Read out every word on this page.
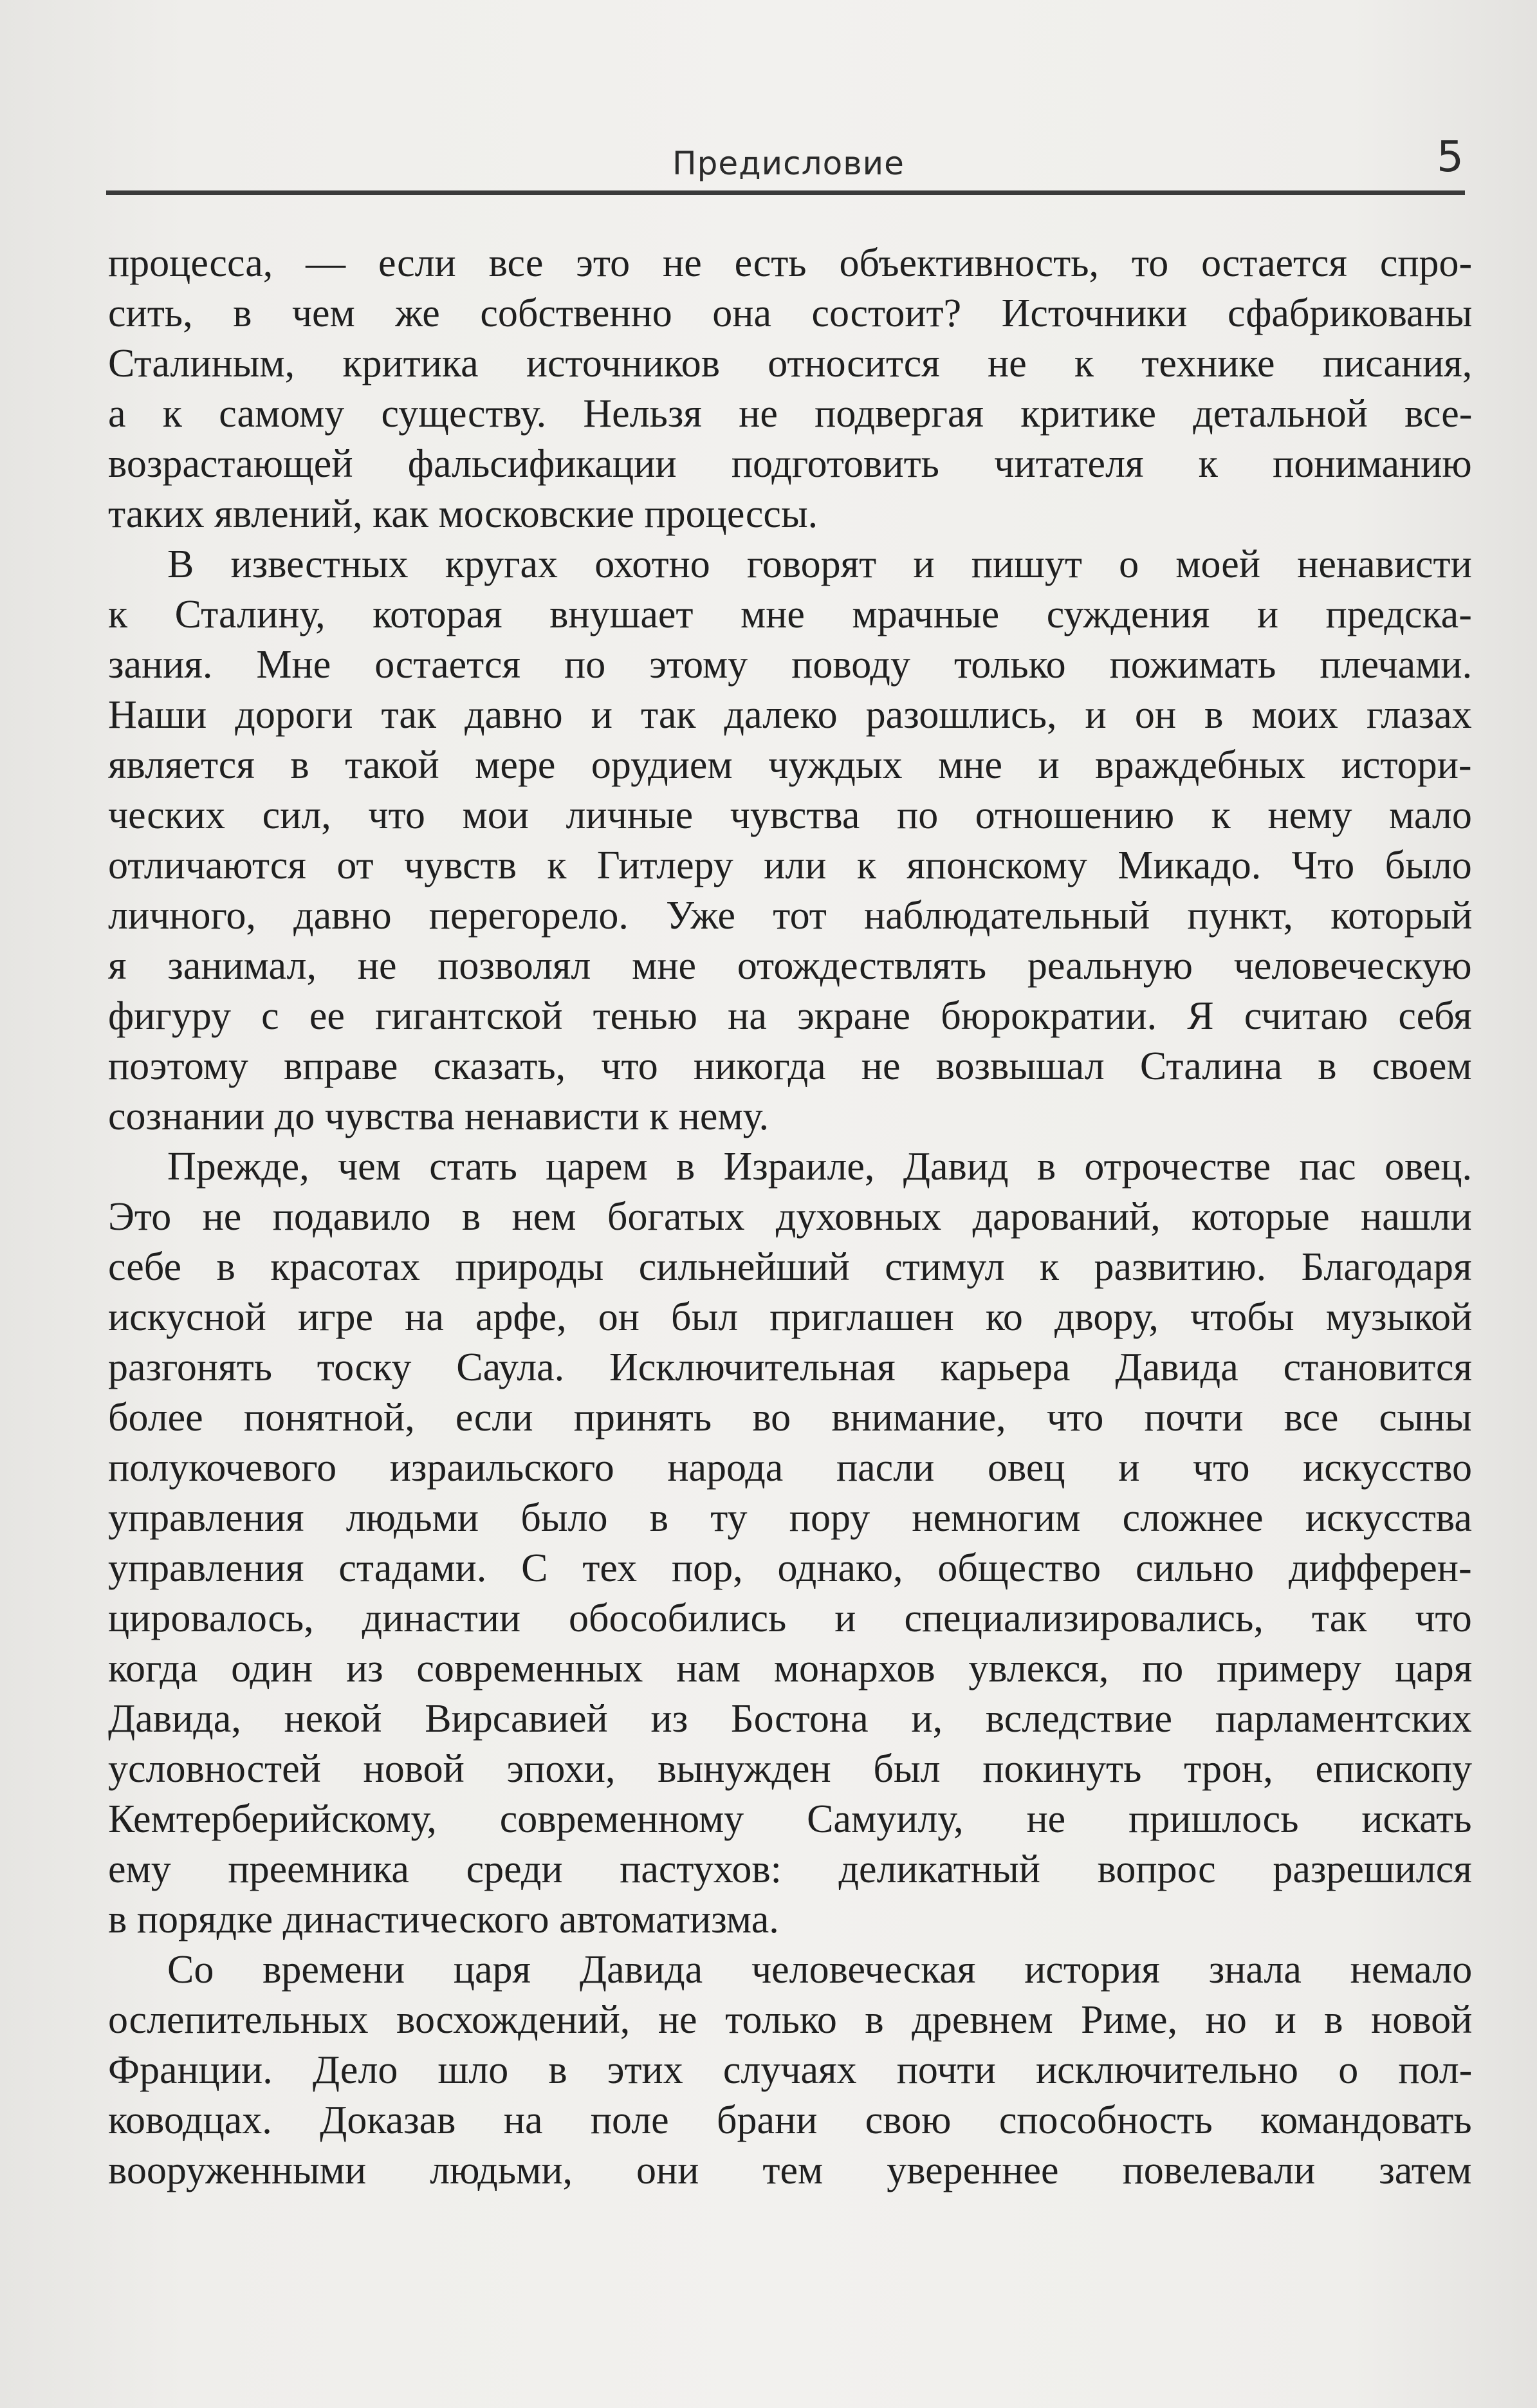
Предисловие	5
процесса, — если все это не есть объективность, то остается спро-
сить, в чем же собственно она состоит? Источники сфабрикованы
Сталиным, критика источников относится не к технике писания,
а к самому существу. Нельзя не подвергая критике детальной все-
возрастающей фальсификации подготовить читателя к пониманию
таких явлений, как московские процессы.
В известных кругах охотно говорят и пишут о моей ненависти
к Сталину, которая внушает мне мрачные суждения и предска-
зания. Мне остается по этому поводу только пожимать плечами.
Наши дороги так давно и так далеко разошлись, и он в моих глазах
является в такой мере орудием чуждых мне и враждебных истори-
ческих сил, что мои личные чувства по отношению к нему мало
отличаются от чувств к Гитлеру или к японскому Микадо. Что было
личного, давно перегорело. Уже тот наблюдательный пункт, который
я занимал, не позволял мне отождествлять реальную человеческую
фигуру с ее гигантской тенью на экране бюрократии. Я считаю себя
поэтому вправе сказать, что никогда не возвышал Сталина в своем
сознании до чувства ненависти к нему.
Прежде, чем стать царем в Израиле, Давид в отрочестве пас овец.
Это не подавило в нем богатых духовных дарований, которые нашли
себе в красотах природы сильнейший стимул к развитию. Благодаря
искусной игре на арфе, он был приглашен ко двору, чтобы музыкой
разгонять тоску Саула. Исключительная карьера Давида становится
более понятной, если принять во внимание, что почти все сыны
полукочевого израильского народа пасли овец и что искусство
управления людьми было в ту пору немногим сложнее искусства
управления стадами. С тех пор, однако, общество сильно дифферен-
цировалось, династии обособились и специализировались, так что
когда один из современных нам монархов увлекся, по примеру царя
Давида, некой Вирсавией из Бостона и, вследствие парламентских
условностей новой эпохи, вынужден был покинуть трон, епископу
Кемтерберийскому, современному Самуилу, не пришлось искать
ему преемника среди пастухов: деликатный вопрос разрешился
в порядке династического автоматизма.
Со времени царя Давида человеческая история знала немало
ослепительных восхождений, не только в древнем Риме, но и в новой
Франции. Дело шло в этих случаях почти исключительно о пол-
ководцах. Доказав на поле брани свою способность командовать
вооруженными людьми, они тем увереннее повелевали затем
